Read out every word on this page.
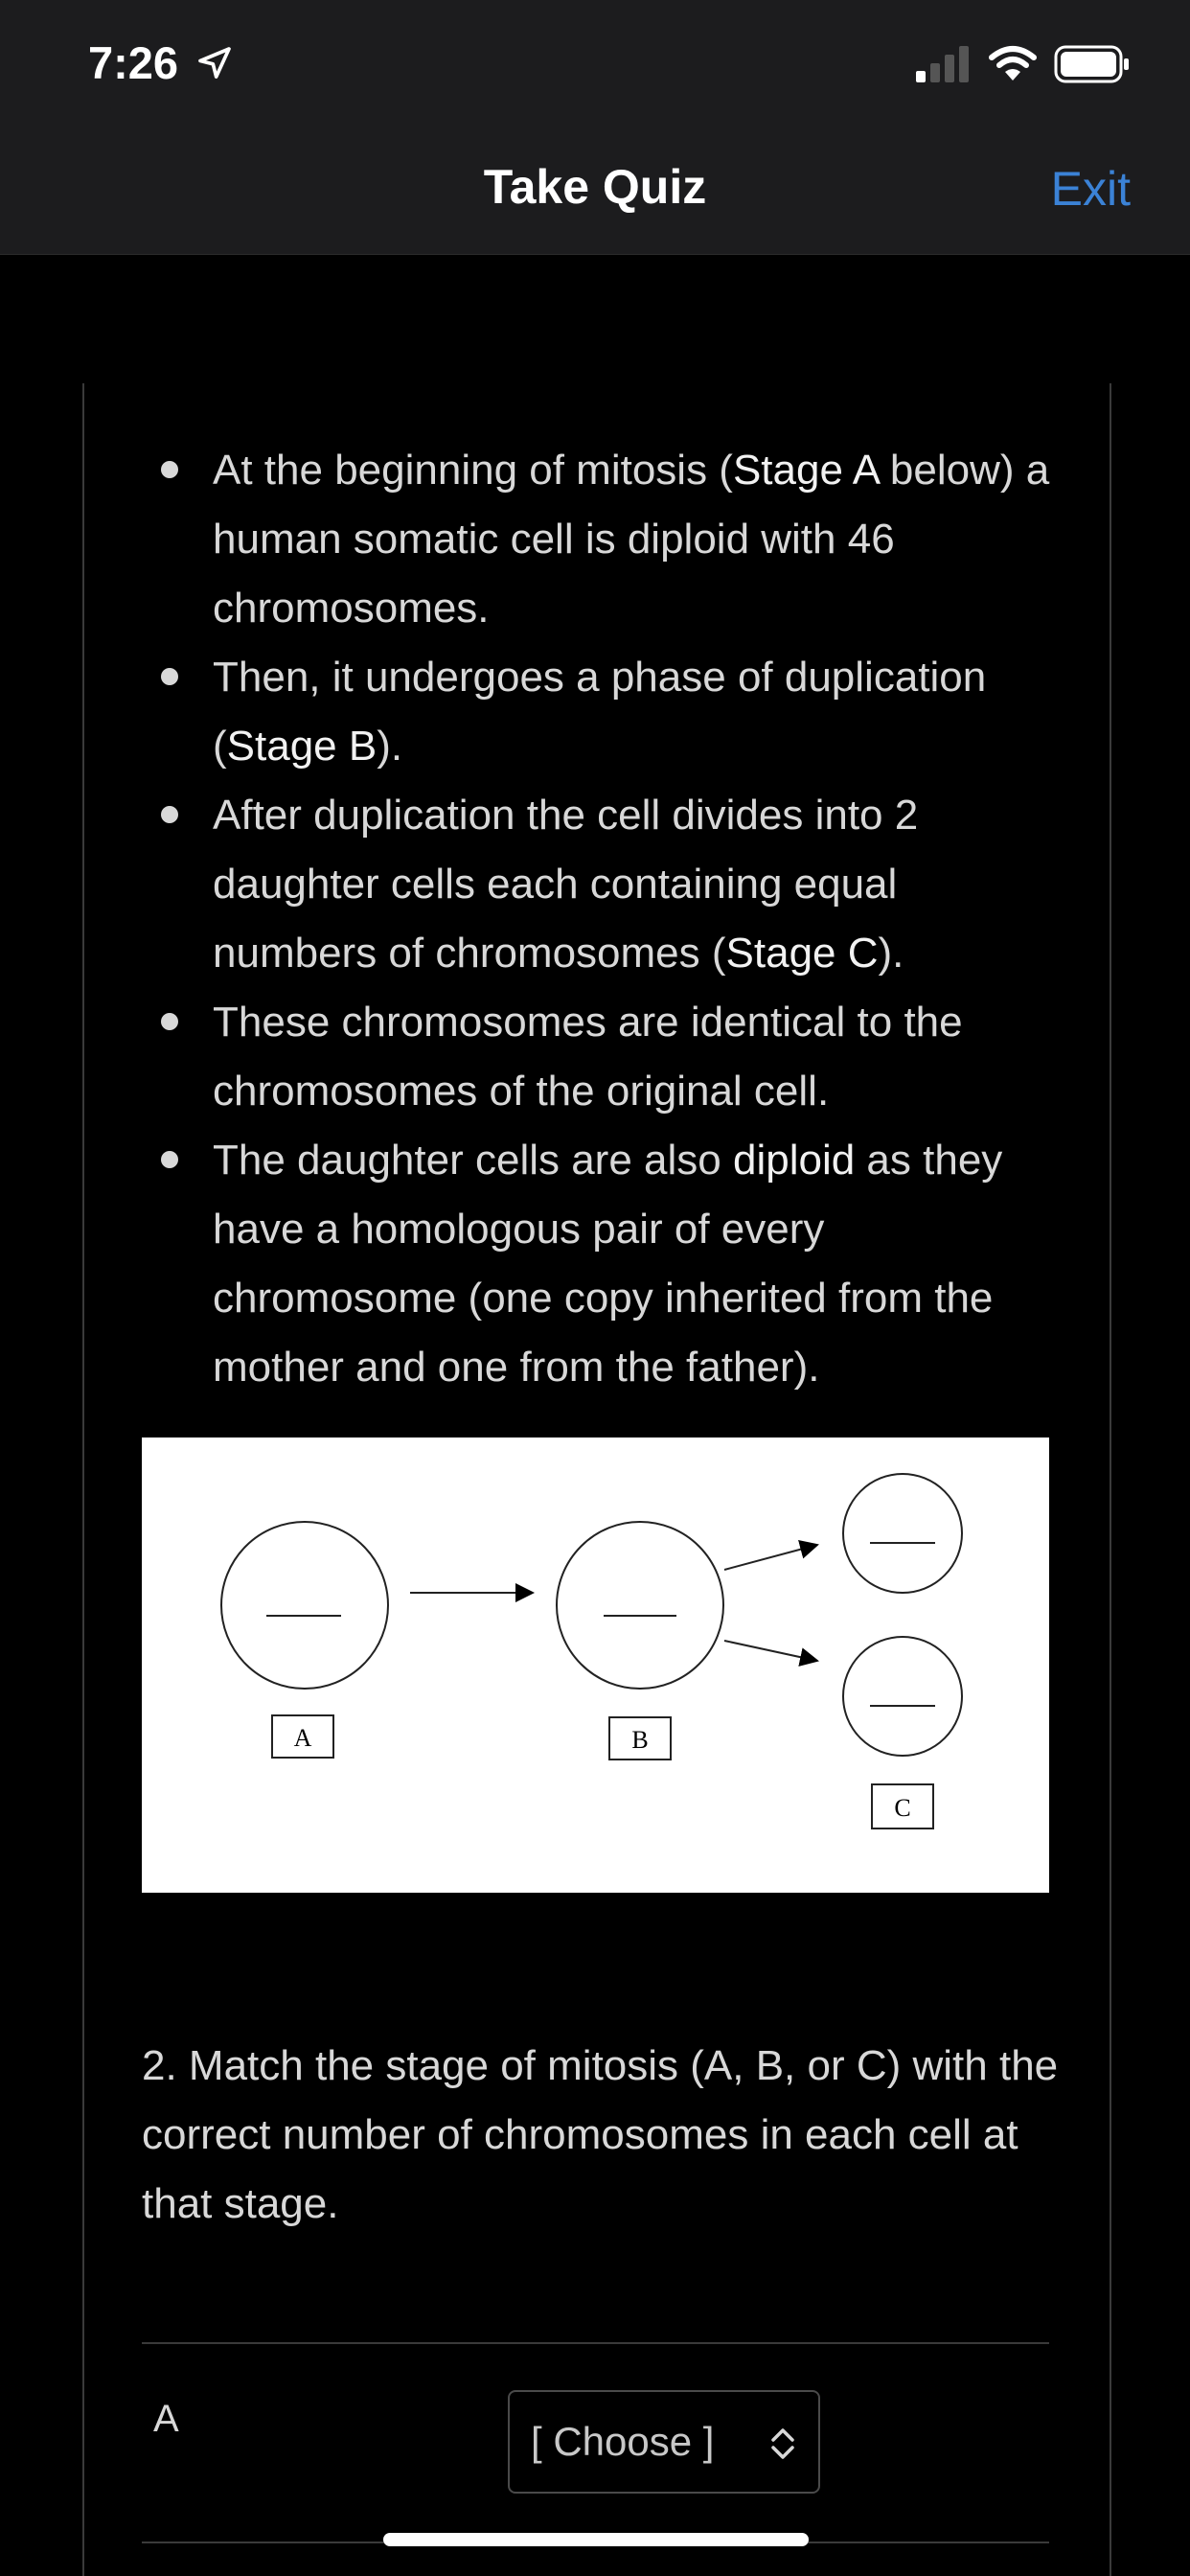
7:26
Take Quiz	Exit
At the beginning of mitosis (Stage A below) a human somatic cell is diploid with 46 chromosomes.
Then, it undergoes a phase of duplication (Stage B).
After duplication the cell divides into 2 daughter cells each containing equal numbers of chromosomes (Stage C).
These chromosomes are identical to the chromosomes of the original cell.
The daughter cells are also diploid as they have a homologous pair of every chromosome (one copy inherited from the mother and one from the father).
A	B
C
2. Match the stage of mitosis (A, B, or C) with the correct number of chromosomes in each cell at that stage.
A	[ Choose ]
